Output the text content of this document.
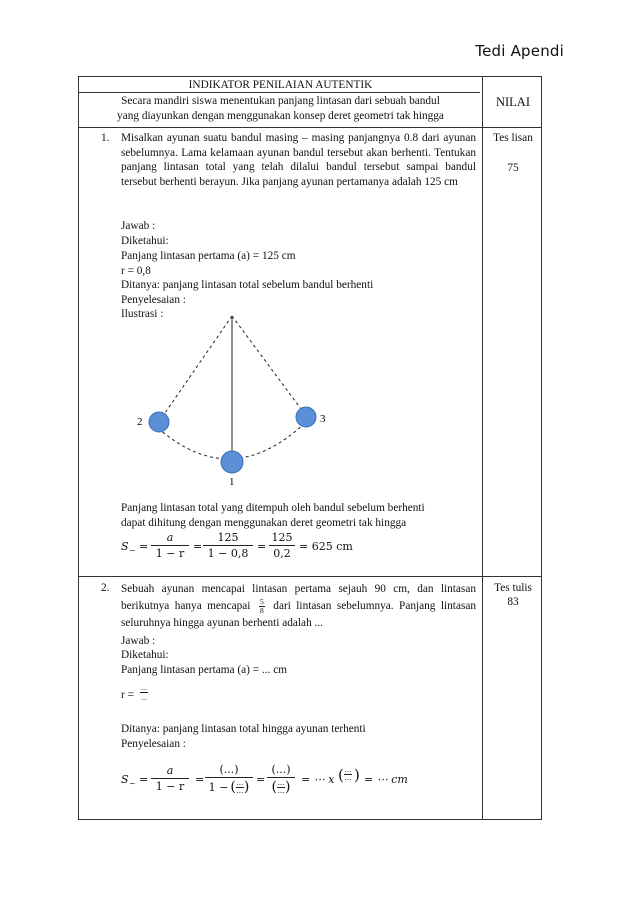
Tedi Apendi
INDIKATOR PENILAIAN AUTENTIK
Secara mandiri siswa menentukan panjang lintasan dari sebuah bandul
yang diayunkan dengan menggunakan konsep deret geometri tak hingga
NILAI
1. Misalkan ayunan suatu bandul masing – masing panjangnya 0.8 dari ayunan sebelumnya. Lama kelamaan ayunan bandul tersebut akan berhenti. Tentukan panjang lintasan total yang telah dilalui bandul tersebut sampai bandul tersebut berhenti berayun. Jika panjang ayunan pertamanya adalah 125 cm
Jawab :
Diketahui:
Panjang lintasan pertama (a) = 125 cm
r = 0,8
Ditanya: panjang lintasan total sebelum bandul berhenti
Penyelesaian :
Ilustrasi :
2	3
1
Panjang lintasan total yang ditempuh oleh bandul sebelum berhenti
dapat dihitung dengan menggunakan deret geometri tak hingga
S ~ =
a
1 − r
=
125
1 − 0,8
=
125
0,2
= 625 cm
Tes lisan
75
2. Sebuah ayunan mencapai lintasan pertama sejauh 90 cm, dan lintasan berikutnya hanya mencapai $\frac{5}{8}$ dari lintasan sebelumnya. Panjang lintasan seluruhnya hingga ayunan berhenti adalah ...
Jawab :
Diketahui:
Panjang lintasan pertama (a) = ... cm
r =
...
...
Ditanya: panjang lintasan total hingga ayunan terhenti
Penyelesaian :
S ~ =
a
1 − r
=
(...)
1 − ( ...
... ) =
(...)
( ...
... ) = ⋯ x ( ...
... ) = ⋯ cm
Tes tulis
83
